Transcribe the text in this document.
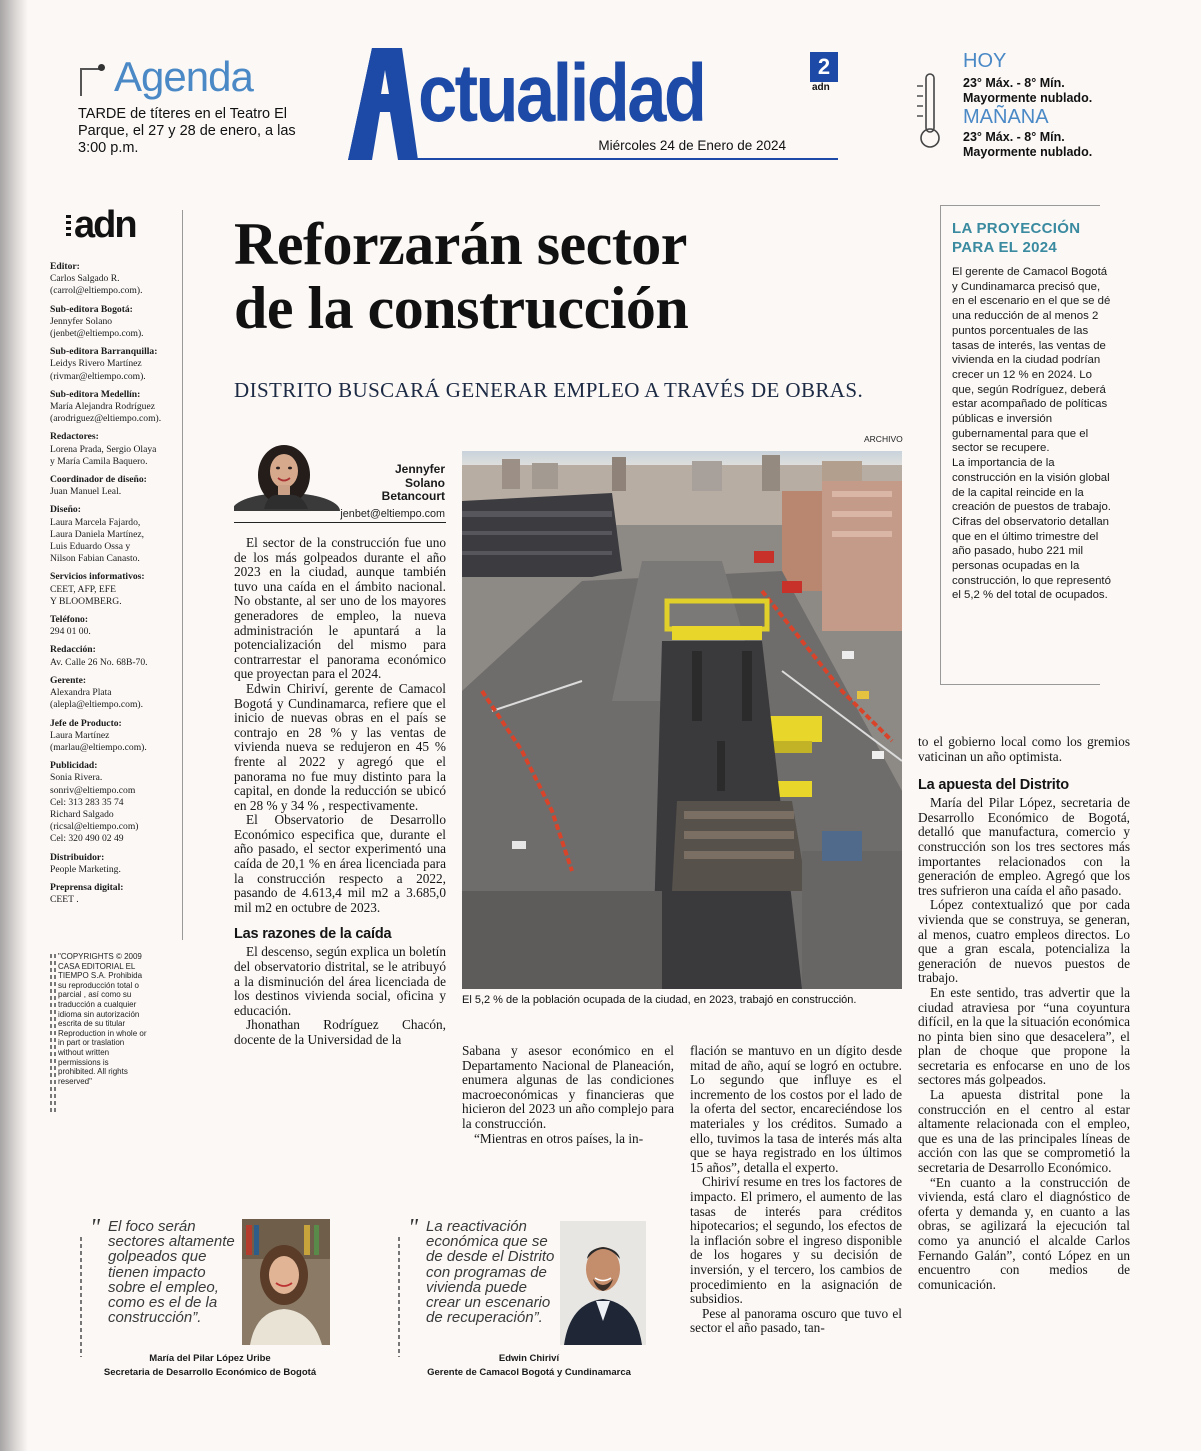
Agenda
TARDE de títeres en el Teatro El Parque, el 27 y 28 de enero, a las 3:00 p.m.
ctualidad	2
adn
Miércoles 24 de Enero de 2024
HOY
23° Máx. - 8° Mín. Mayormente nublado.
MAÑANA
23° Máx. - 8° Mín. Mayormente nublado.
adn
Editor:
Carlos Salgado R.
(carrol@eltiempo.com).
Sub-editora Bogotá:
Jennyfer Solano
(jenbet@eltiempo.com).
Sub-editora Barranquilla:
Leidys Rivero Martínez
(rivmar@eltiempo.com).
Sub-editora Medellín:
María Alejandra Rodríguez
(arodriguez@eltiempo.com).
Redactores:
Lorena Prada, Sergio Olaya
y María Camila Baquero.
Coordinador de diseño:
Juan Manuel Leal.
Diseño:
Laura Marcela Fajardo,
Laura Daniela Martínez,
Luis Eduardo Ossa y
Nilson Fabian Canasto.
Servicios informativos:
CEET, AFP, EFE
Y BLOOMBERG.
Teléfono:
294 01 00.
Redacción:
Av. Calle 26 No. 68B-70.
Gerente:
Alexandra Plata
(alepla@eltiempo.com).
Jefe de Producto:
Laura Martínez
(marlau@eltiempo.com).
Publicidad:
Sonia Rivera.
sonriv@eltiempo.com
Cel: 313 283 35 74
Richard Salgado
(ricsal@eltiempo.com)
Cel: 320 490 02 49
Distribuidor:
People Marketing.
Preprensa digital:
CEET .
"COPYRIGHTS © 2009 CASA EDITORIAL EL TIEMPO S.A. Prohibida su reproducción total o parcial , así como su traducción a cualquier idioma sin autorización escrita de su titular Reproduction in whole or in part or traslation without written permissions is prohibited. All rights reserved"
Reforzarán sector
de la construcción
DISTRITO BUSCARÁ GENERAR EMPLEO A TRAVÉS DE OBRAS.
LA PROYECCIÓN PARA EL 2024

El gerente de Camacol Bogotá y Cundinamarca precisó que, en el escenario en el que se dé una reducción de al menos 2 puntos porcentuales de las tasas de interés, las ventas de vivienda en la ciudad podrían crecer un 12 % en 2024. Lo que, según Rodríguez, deberá estar acompañado de políticas públicas e inversión gubernamental para que el sector se recupere.

La importancia de la construcción en la visión global de la capital reincide en la creación de puestos de trabajo. Cifras del observatorio detallan que en el último trimestre del año pasado, hubo 221 mil personas ocupadas en la construcción, lo que representó el 5,2 % del total de ocupados.

Jennyfer
Solano
Betancourt
jenbet@eltiempo.com
ARCHIVO
El 5,2 % de la población ocupada de la ciudad, en 2023, trabajó en construcción.

El sector de la construcción fue uno de los más golpeados durante el año 2023 en la ciudad, aunque también tuvo una caída en el ámbito nacional. No obstante, al ser uno de los mayores generadores de empleo, la nueva administración le apuntará a la potencialización del mismo para contrarrestar el panorama económico que proyectan para el 2024.

Edwin Chiriví, gerente de Camacol Bogotá y Cundinamarca, refiere que el inicio de nuevas obras en el país se contrajo en 28 % y las ventas de vivienda nueva se redujeron en 45 % frente al 2022 y agregó que el panorama no fue muy distinto para la capital, en donde la reducción se ubicó en 28 % y 34 % , respectivamente.

El Observatorio de Desarrollo Económico especifica que, durante el año pasado, el sector experimentó una caída de 20,1 % en área licenciada para la construcción respecto a 2022, pasando de 4.613,4 mil m2 a 3.685,0 mil m2 en octubre de 2023.

Las razones de la caída

El descenso, según explica un boletín del observatorio distrital, se le atribuyó a la disminución del área licenciada de los destinos vivienda social, oficina y educación.

Jhonathan Rodríguez Chacón, docente de la Universidad de la

Sabana y asesor económico en el Departamento Nacional de Planeación, enumera algunas de las condiciones macroeconómicas y financieras que hicieron del 2023 un año complejo para la construcción.

“Mientras en otros países, la in-

flación se mantuvo en un dígito desde mitad de año, aquí se logró en octubre. Lo segundo que influye es el incremento de los costos por el lado de la oferta del sector, encareciéndose los materiales y los créditos. Sumado a ello, tuvimos la tasa de interés más alta que se haya registrado en los últimos 15 años”, detalla el experto.

Chiriví resume en tres los factores de impacto. El primero, el aumento de las tasas de interés para créditos hipotecarios; el segundo, los efectos de la inflación sobre el ingreso disponible de los hogares y su decisión de inversión, y el tercero, los cambios de procedimiento en la asignación de subsidios.

Pese al panorama oscuro que tuvo el sector el año pasado, tan-

to el gobierno local como los gremios vaticinan un año optimista.

La apuesta del Distrito

María del Pilar López, secretaria de Desarrollo Económico de Bogotá, detalló que manufactura, comercio y construcción son los tres sectores más importantes relacionados con la generación de empleo. Agregó que los tres sufrieron una caída el año pasado.

López contextualizó que por cada vivienda que se construya, se generan, al menos, cuatro empleos directos. Lo que a gran escala, potencializa la generación de nuevos puestos de trabajo.

En este sentido, tras advertir que la ciudad atraviesa por “una coyuntura difícil, en la que la situación económica no pinta bien sino que desacelera”, el plan de choque que propone la secretaria es enfocarse en uno de los sectores más golpeados.

La apuesta distrital pone la construcción en el centro al estar altamente relacionada con el empleo, que es una de las principales líneas de acción con las que se comprometió la secretaria de Desarrollo Económico.

“En cuanto a la construcción de vivienda, está claro el diagnóstico de oferta y demanda y, en cuanto a las obras, se agilizará la ejecución tal como ya anunció el alcalde Carlos Fernando Galán”, contó López en un encuentro con medios de comunicación.

" El foco serán sectores altamente golpeados que tienen impacto sobre el empleo, como es el de la construcción”.
María del Pilar López Uribe
Secretaria de Desarrollo Económico de Bogotá
" La reactivación económica que se de desde el Distrito con programas de vivienda puede crear un escenario de recuperación”.
Edwin Chiriví
Gerente de Camacol Bogotá y Cundinamarca
